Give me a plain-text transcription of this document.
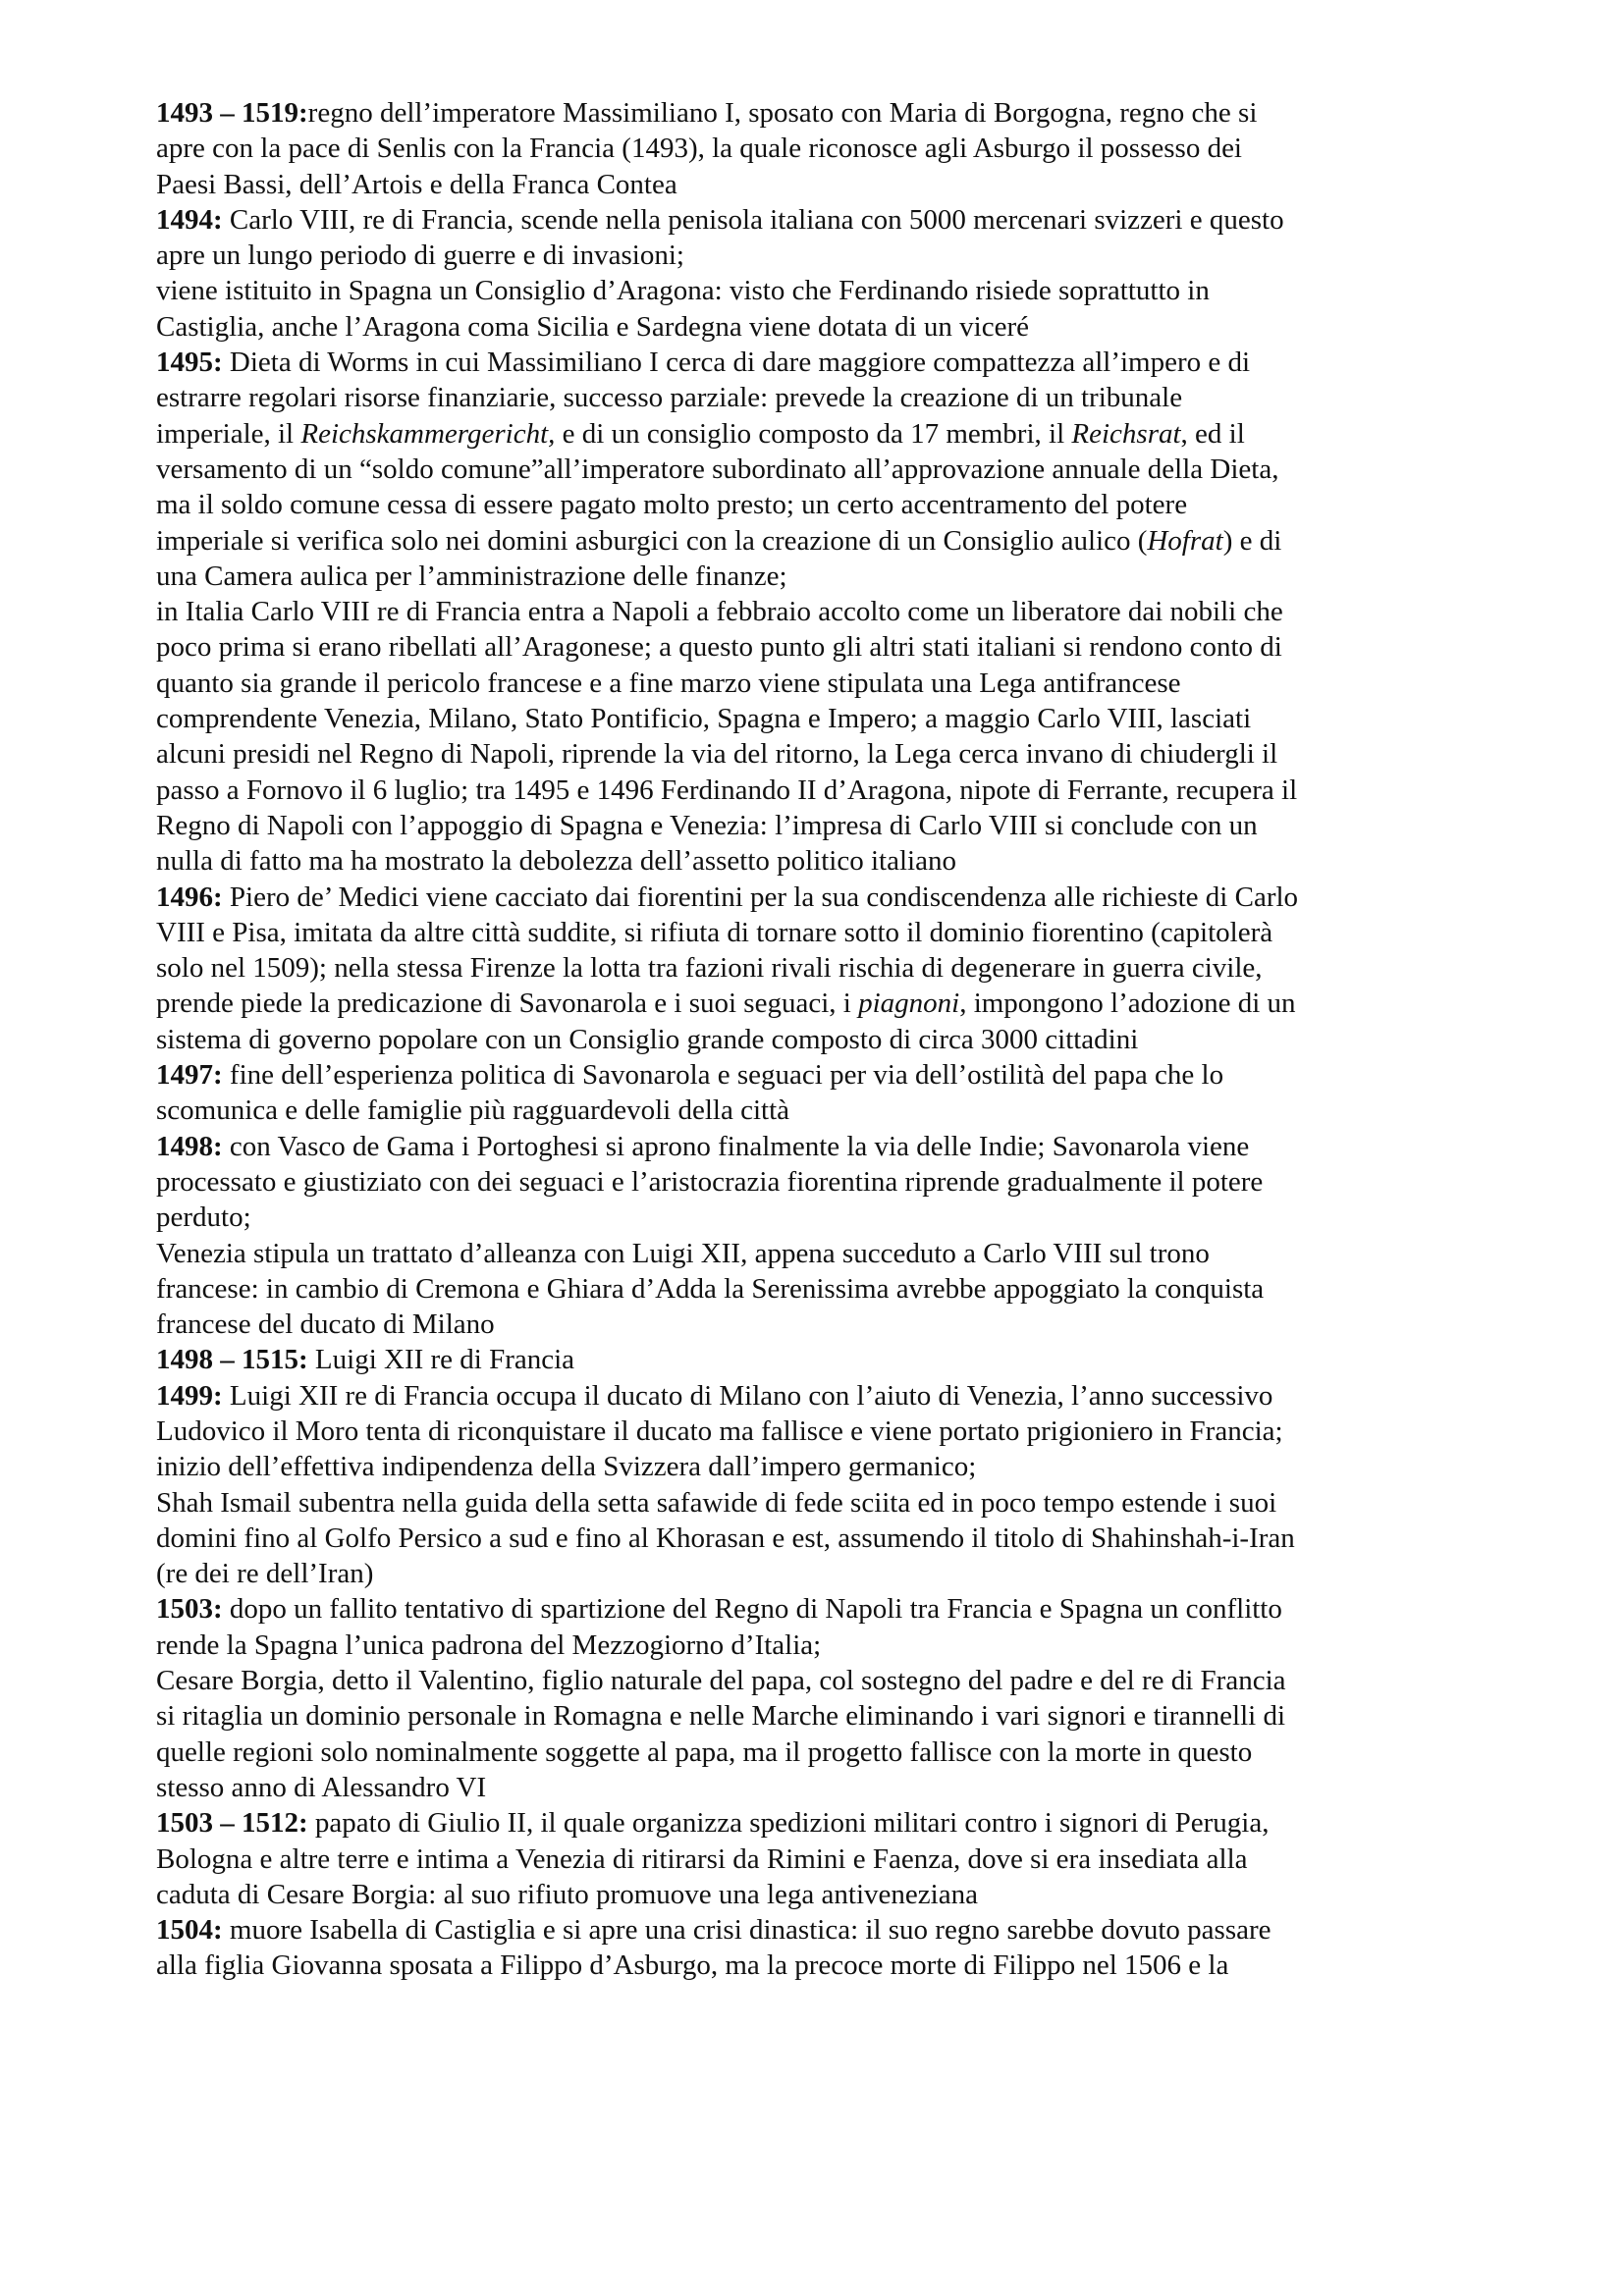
1493 – 1519:regno dell’imperatore Massimiliano I, sposato con Maria di Borgogna, regno che si
apre con la pace di Senlis con la Francia (1493), la quale riconosce agli Asburgo il possesso dei
Paesi Bassi, dell’Artois e della Franca Contea
1494: Carlo VIII, re di Francia, scende nella penisola italiana con 5000 mercenari svizzeri e questo
apre un lungo periodo di guerre e di invasioni;
viene istituito in Spagna un Consiglio d’Aragona: visto che Ferdinando risiede soprattutto in
Castiglia, anche l’Aragona coma Sicilia e Sardegna viene dotata di un viceré
1495: Dieta di Worms in cui Massimiliano I cerca di dare maggiore compattezza all’impero e di
estrarre regolari risorse finanziarie, successo parziale: prevede la creazione di un tribunale
imperiale, il Reichskammergericht, e di un consiglio composto da 17 membri, il Reichsrat, ed il
versamento di un “soldo comune”all’imperatore subordinato all’approvazione annuale della Dieta,
ma il soldo comune cessa di essere pagato molto presto; un certo accentramento del potere
imperiale si verifica solo nei domini asburgici con la creazione di un Consiglio aulico (Hofrat) e di
una Camera aulica per l’amministrazione delle finanze;
in Italia Carlo VIII re di Francia entra a Napoli a febbraio accolto come un liberatore dai nobili che
poco prima si erano ribellati all’Aragonese; a questo punto gli altri stati italiani si rendono conto di
quanto sia grande il pericolo francese e a fine marzo viene stipulata una Lega antifrancese
comprendente Venezia, Milano, Stato Pontificio, Spagna e Impero; a maggio Carlo VIII, lasciati
alcuni presidi nel Regno di Napoli, riprende la via del ritorno, la Lega cerca invano di chiudergli il
passo a Fornovo il 6 luglio; tra 1495 e 1496 Ferdinando II d’Aragona, nipote di Ferrante, recupera il
Regno di Napoli con l’appoggio di Spagna e Venezia: l’impresa di Carlo VIII si conclude con un
nulla di fatto ma ha mostrato la debolezza dell’assetto politico italiano
1496: Piero de’ Medici viene cacciato dai fiorentini per la sua condiscendenza alle richieste di Carlo
VIII e Pisa, imitata da altre città suddite, si rifiuta di tornare sotto il dominio fiorentino (capitolerà
solo nel 1509); nella stessa Firenze la lotta tra fazioni rivali rischia di degenerare in guerra civile,
prende piede la predicazione di Savonarola e i suoi seguaci, i piagnoni, impongono l’adozione di un
sistema di governo popolare con un Consiglio grande composto di circa 3000 cittadini
1497: fine dell’esperienza politica di Savonarola e seguaci per via dell’ostilità del papa che lo
scomunica e delle famiglie più ragguardevoli della città
1498: con Vasco de Gama i Portoghesi si aprono finalmente la via delle Indie; Savonarola viene
processato e giustiziato con dei seguaci e l’aristocrazia fiorentina riprende gradualmente il potere
perduto;
Venezia stipula un trattato d’alleanza con Luigi XII, appena succeduto a Carlo VIII sul trono
francese: in cambio di Cremona e Ghiara d’Adda la Serenissima avrebbe appoggiato la conquista
francese del ducato di Milano
1498 – 1515: Luigi XII re di Francia
1499: Luigi XII re di Francia occupa il ducato di Milano con l’aiuto di Venezia, l’anno successivo
Ludovico il Moro tenta di riconquistare il ducato ma fallisce e viene portato prigioniero in Francia;
inizio dell’effettiva indipendenza della Svizzera dall’impero germanico;
Shah Ismail subentra nella guida della setta safawide di fede sciita ed in poco tempo estende i suoi
domini fino al Golfo Persico a sud e fino al Khorasan e est, assumendo il titolo di Shahinshah-i-Iran
(re dei re dell’Iran)
1503: dopo un fallito tentativo di spartizione del Regno di Napoli tra Francia e Spagna un conflitto
rende la Spagna l’unica padrona del Mezzogiorno d’Italia;
Cesare Borgia, detto il Valentino, figlio naturale del papa, col sostegno del padre e del re di Francia
si ritaglia un dominio personale in Romagna e nelle Marche eliminando i vari signori e tirannelli di
quelle regioni solo nominalmente soggette al papa, ma il progetto fallisce con la morte in questo
stesso anno di Alessandro VI
1503 – 1512: papato di Giulio II, il quale organizza spedizioni militari contro i signori di Perugia,
Bologna e altre terre e intima a Venezia di ritirarsi da Rimini e Faenza, dove si era insediata alla
caduta di Cesare Borgia: al suo rifiuto promuove una lega antiveneziana
1504: muore Isabella di Castiglia e si apre una crisi dinastica: il suo regno sarebbe dovuto passare
alla figlia Giovanna sposata a Filippo d’Asburgo, ma la precoce morte di Filippo nel 1506 e la
